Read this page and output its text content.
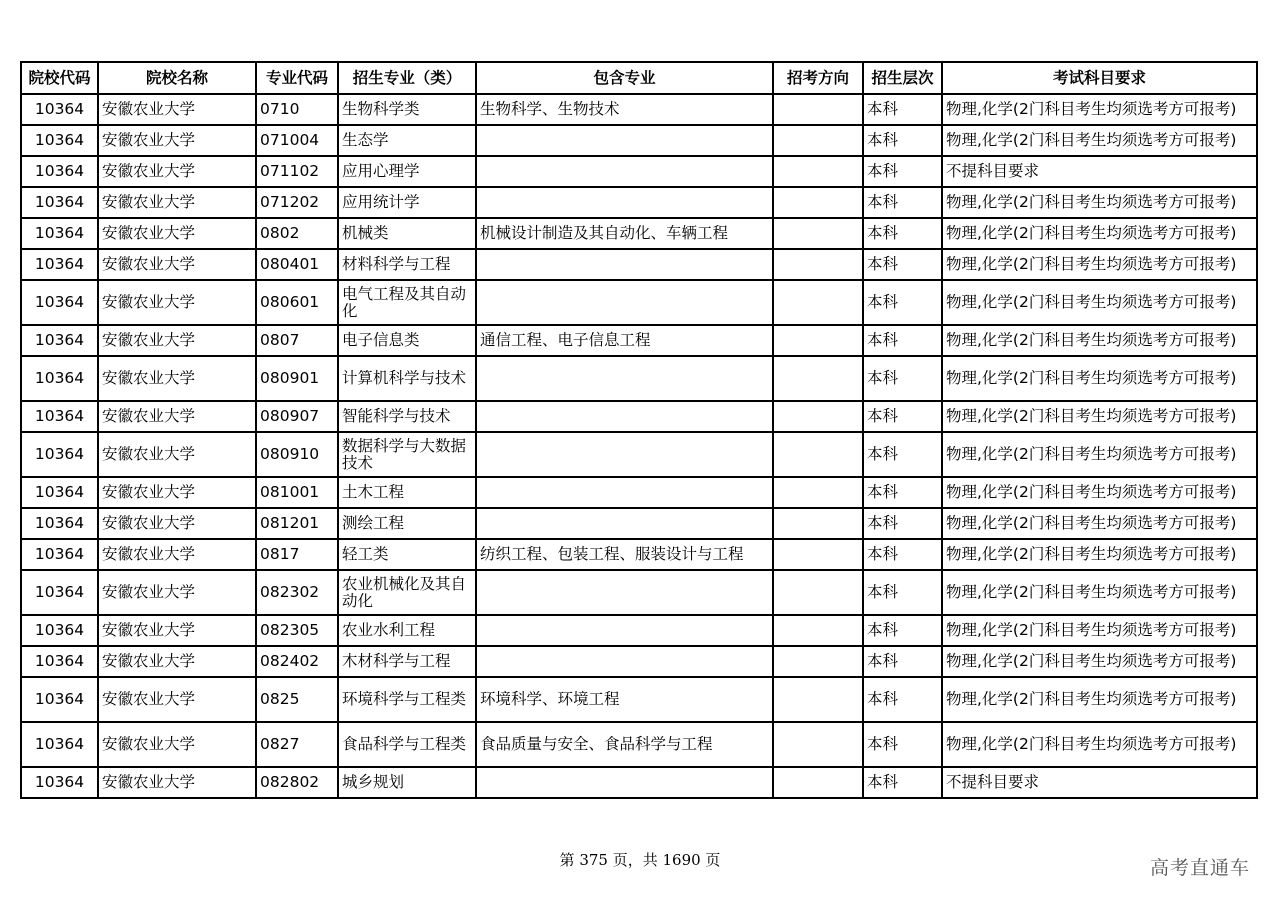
院校代码	院校名称	专业代码	招生专业（类）	包含专业	招考方向	招生层次	考试科目要求
10364	安徽农业大学	0710	生物科学类	生物科学、生物技术		本科	物理,化学(2门科目考生均须选考方可报考)
10364	安徽农业大学	071004	生态学			本科	物理,化学(2门科目考生均须选考方可报考)
10364	安徽农业大学	071102	应用心理学			本科	不提科目要求
10364	安徽农业大学	071202	应用统计学			本科	物理,化学(2门科目考生均须选考方可报考)
10364	安徽农业大学	0802	机械类	机械设计制造及其自动化、车辆工程		本科	物理,化学(2门科目考生均须选考方可报考)
10364	安徽农业大学	080401	材料科学与工程			本科	物理,化学(2门科目考生均须选考方可报考)
10364	安徽农业大学	080601	电气工程及其自动化			本科	物理,化学(2门科目考生均须选考方可报考)
10364	安徽农业大学	0807	电子信息类	通信工程、电子信息工程		本科	物理,化学(2门科目考生均须选考方可报考)
10364	安徽农业大学	080901	计算机科学与技术			本科	物理,化学(2门科目考生均须选考方可报考)
10364	安徽农业大学	080907	智能科学与技术			本科	物理,化学(2门科目考生均须选考方可报考)
10364	安徽农业大学	080910	数据科学与大数据技术			本科	物理,化学(2门科目考生均须选考方可报考)
10364	安徽农业大学	081001	土木工程			本科	物理,化学(2门科目考生均须选考方可报考)
10364	安徽农业大学	081201	测绘工程			本科	物理,化学(2门科目考生均须选考方可报考)
10364	安徽农业大学	0817	轻工类	纺织工程、包装工程、服装设计与工程		本科	物理,化学(2门科目考生均须选考方可报考)
10364	安徽农业大学	082302	农业机械化及其自动化			本科	物理,化学(2门科目考生均须选考方可报考)
10364	安徽农业大学	082305	农业水利工程			本科	物理,化学(2门科目考生均须选考方可报考)
10364	安徽农业大学	082402	木材科学与工程			本科	物理,化学(2门科目考生均须选考方可报考)
10364	安徽农业大学	0825	环境科学与工程类	环境科学、环境工程		本科	物理,化学(2门科目考生均须选考方可报考)
10364	安徽农业大学	0827	食品科学与工程类	食品质量与安全、食品科学与工程		本科	物理,化学(2门科目考生均须选考方可报考)
10364	安徽农业大学	082802	城乡规划			本科	不提科目要求
第 375 页，共 1690 页	高考直通车
